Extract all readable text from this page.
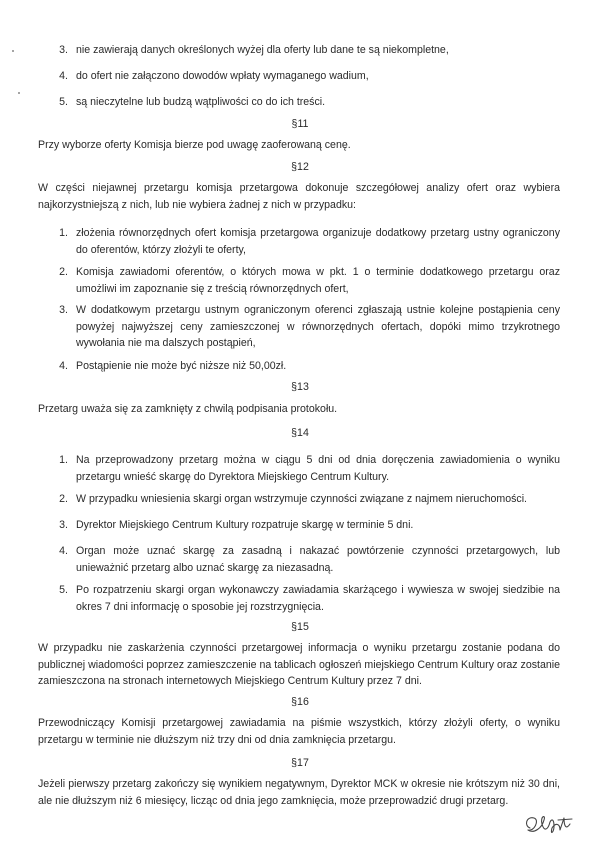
3. nie zawierają danych określonych wyżej dla oferty lub dane te są niekompletne,
4. do ofert nie załączono dowodów wpłaty wymaganego wadium,
5. są nieczytelne lub budzą wątpliwości co do ich treści.
§11
Przy wyborze oferty Komisja bierze pod uwagę zaoferowaną cenę.
§12
W części niejawnej przetargu komisja przetargowa dokonuje szczegółowej analizy ofert oraz wybiera najkorzystniejszą z nich, lub nie wybiera żadnej z nich w przypadku:
1. złożenia równorzędnych ofert komisja przetargowa organizuje dodatkowy przetarg ustny ograniczony do oferentów, którzy złożyli te oferty,
2. Komisja zawiadomi oferentów, o których mowa w pkt. 1 o terminie dodatkowego przetargu oraz umożliwi im zapoznanie się z treścią równorzędnych ofert,
3. W dodatkowym przetargu ustnym ograniczonym oferenci zgłaszają ustnie kolejne postąpienia ceny powyżej najwyższej ceny zamieszczonej w równorzędnych ofertach, dopóki mimo trzykrotnego wywołania nie ma dalszych postąpień,
4. Postąpienie nie może być niższe niż 50,00zł.
§13
Przetarg uważa się za zamknięty z chwilą podpisania protokołu.
§14
1. Na przeprowadzony przetarg można w ciągu 5 dni od dnia doręczenia zawiadomienia o wyniku przetargu wnieść skargę do Dyrektora Miejskiego Centrum Kultury.
2. W przypadku wniesienia skargi organ wstrzymuje czynności związane z najmem nieruchomości.
3. Dyrektor Miejskiego Centrum Kultury rozpatruje skargę w terminie 5 dni.
4. Organ może uznać skargę za zasadną i nakazać powtórzenie czynności przetargowych, lub unieważnić przetarg albo uznać skargę za niezasadną.
5. Po rozpatrzeniu skargi organ wykonawczy zawiadamia skarżącego i wywiesza w swojej siedzibie na okres 7 dni informację o sposobie jej rozstrzygnięcia.
§15
W przypadku nie zaskarżenia czynności przetargowej informacja o wyniku przetargu zostanie podana do publicznej wiadomości poprzez zamieszczenie na tablicach ogłoszeń miejskiego Centrum Kultury oraz zostanie zamieszczona na stronach internetowych Miejskiego Centrum Kultury przez 7 dni.
§16
Przewodniczący Komisji przetargowej zawiadamia na piśmie wszystkich, którzy złożyli oferty, o wyniku przetargu w terminie nie dłuższym niż trzy dni od dnia zamknięcia przetargu.
§17
Jeżeli pierwszy przetarg zakończy się wynikiem negatywnym, Dyrektor MCK w okresie nie krótszym niż 30 dni, ale nie dłuższym niż 6 miesięcy, licząc od dnia jego zamknięcia, może przeprowadzić drugi przetarg.
